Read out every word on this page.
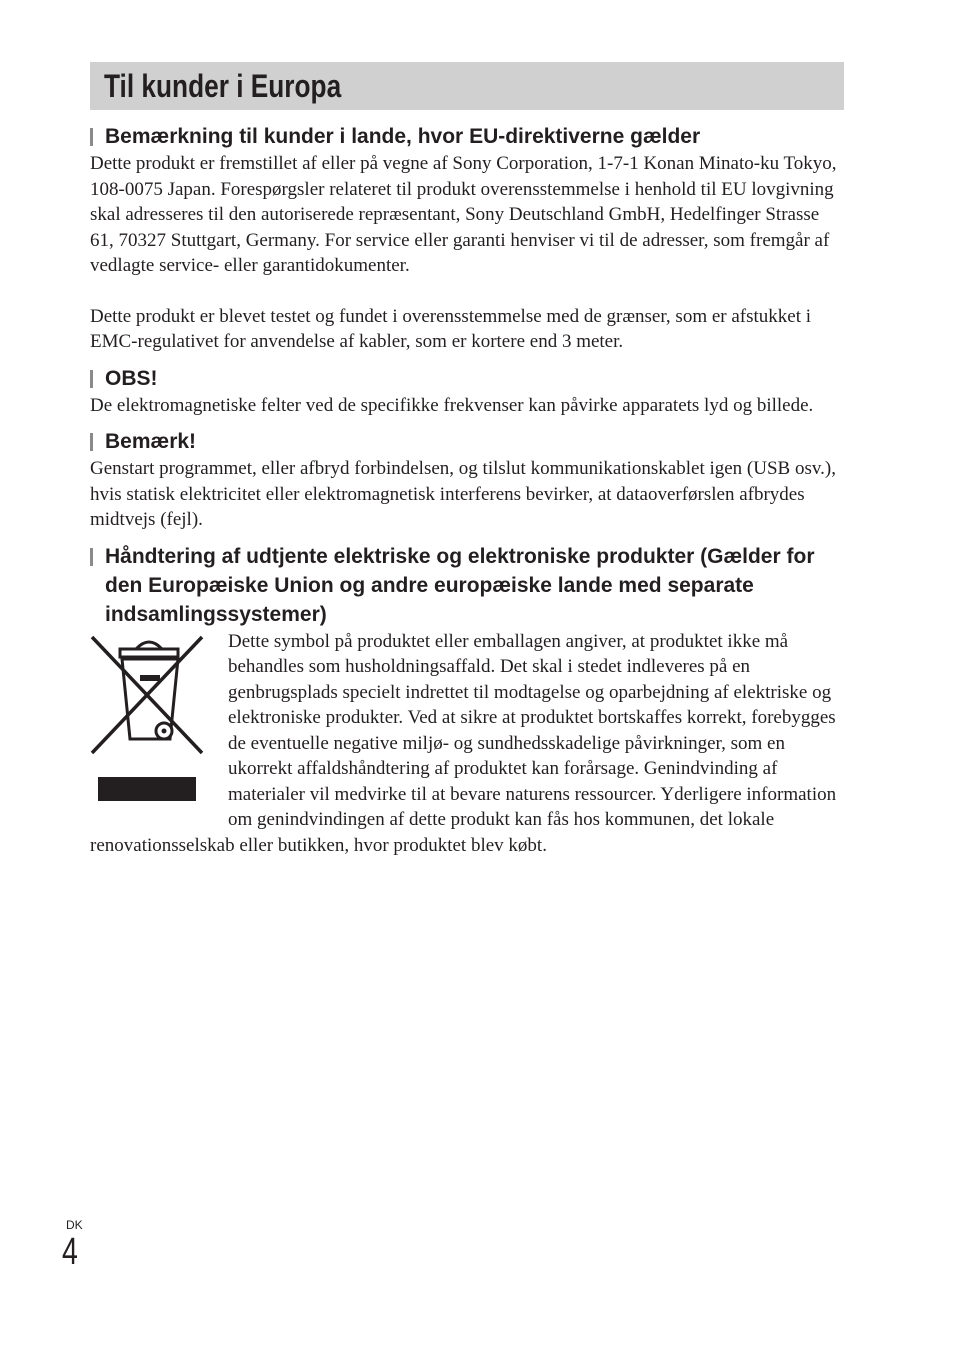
Til kunder i Europa
Bemærkning til kunder i lande, hvor EU-direktiverne gælder

Dette produkt er fremstillet af eller på vegne af Sony Corporation, 1-7-1 Konan Minato-ku Tokyo, 108-0075 Japan. Forespørgsler relateret til produkt overensstemmelse i henhold til EU lovgivning skal adresseres til den autoriserede repræsentant, Sony Deutschland GmbH, Hedelfinger Strasse 61, 70327 Stuttgart, Germany. For service eller garanti henviser vi til de adresser, som fremgår af vedlagte service- eller garantidokumenter.

Dette produkt er blevet testet og fundet i overensstemmelse med de grænser, som er afstukket i EMC-regulativet for anvendelse af kabler, som er kortere end 3 meter.

OBS!

De elektromagnetiske felter ved de specifikke frekvenser kan påvirke apparatets lyd og billede.

Bemærk!

Genstart programmet, eller afbryd forbindelsen, og tilslut kommunikationskablet igen (USB osv.), hvis statisk elektricitet eller elektromagnetisk interferens bevirker, at dataoverførslen afbrydes midtvejs (fejl).

Håndtering af udtjente elektriske og elektroniske produkter (Gælder for den Europæiske Union og andre europæiske lande med separate indsamlingssystemer)

Dette symbol på produktet eller emballagen angiver, at produktet ikke må behandles som husholdningsaffald. Det skal i stedet indleveres på en genbrugsplads specielt indrettet til modtagelse og oparbejdning af elektriske og elektroniske produkter. Ved at sikre at produktet bortskaffes korrekt, forebygges de eventuelle negative miljø- og sundhedsskadelige påvirkninger, som en ukorrekt affaldshåndtering af produktet kan forårsage. Genindvinding af materialer vil medvirke til at bevare naturens ressourcer. Yderligere information om genindvindingen af dette produkt kan fås hos kommunen, det lokale renovationsselskab eller butikken, hvor produktet blev købt.

DK
4
